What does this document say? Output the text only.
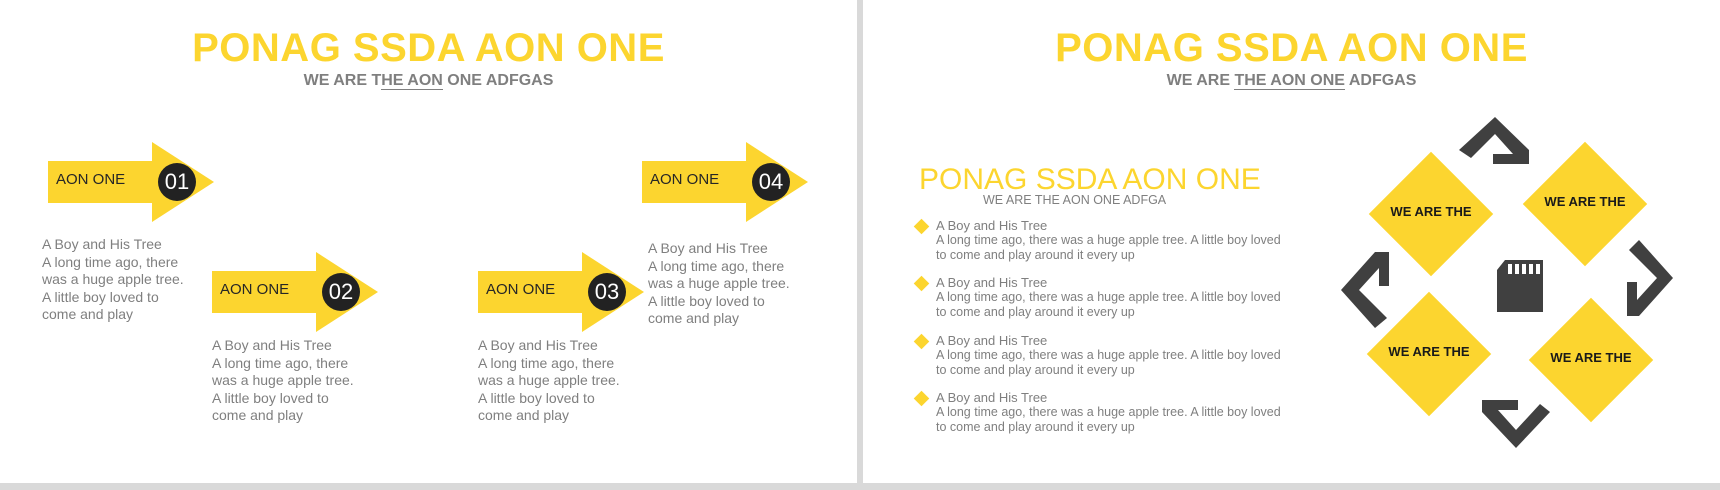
PONAG SSDA AON ONE
WE ARE THE AON ONE ADFGAS
AON ONE	01
AON ONE	02	AON ONE	03
AON ONE	04
A Boy and His Tree
A long time ago, there
was a huge apple tree.
A little boy loved to
come and play
A Boy and His Tree
A long time ago, there
was a huge apple tree.
A little boy loved to
come and play
A Boy and His Tree
A long time ago, there
was a huge apple tree.
A little boy loved to
come and play
A Boy and His Tree
A long time ago, there
was a huge apple tree.
A little boy loved to
come and play
PONAG SSDA AON ONE
WE ARE THE AON ONE ADFGAS
PONAG SSDA AON ONE
WE ARE THE AON ONE ADFGA
A Boy and His Tree
A long time ago, there was a huge apple tree. A little boy loved to come and play around it every up
A Boy and His Tree
A long time ago, there was a huge apple tree. A little boy loved to come and play around it every up
A Boy and His Tree
A long time ago, there was a huge apple tree. A little boy loved to come and play around it every up
A Boy and His Tree
A long time ago, there was a huge apple tree. A little boy loved to come and play around it every up
WE ARE THE
WE ARE THE
WE ARE THE	WE ARE THE
